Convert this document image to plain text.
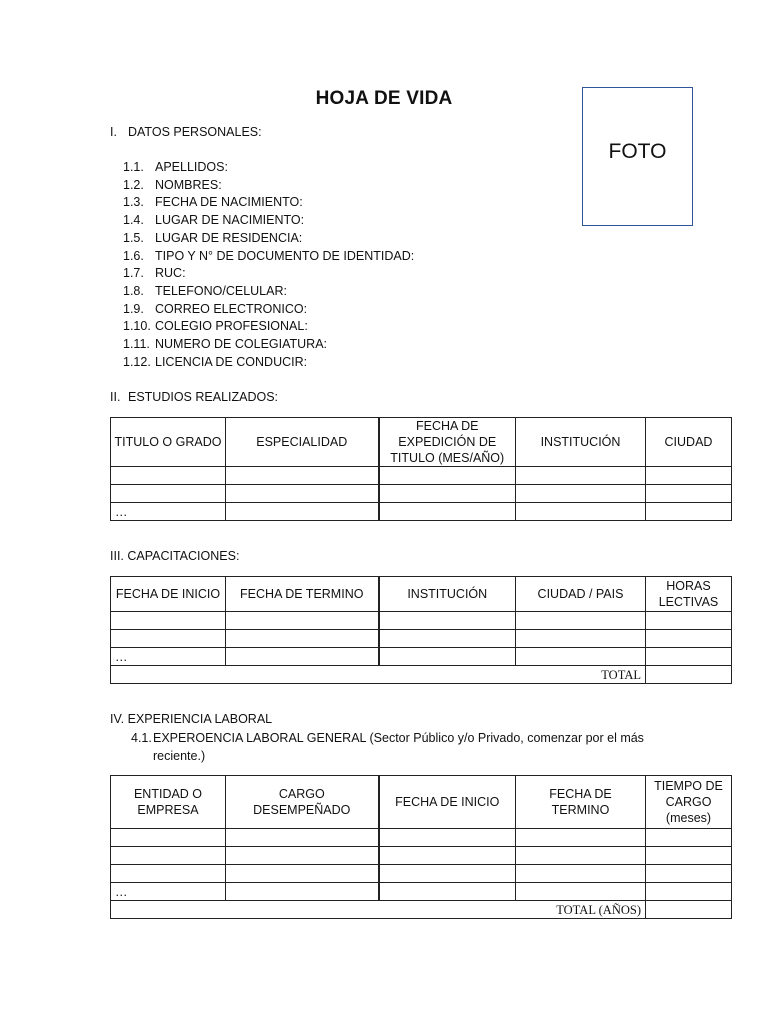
HOJA DE VIDA
FOTO
I. DATOS PERSONALES:
1.1. APELLIDOS:
1.2. NOMBRES:
1.3. FECHA DE NACIMIENTO:
1.4. LUGAR DE NACIMIENTO:
1.5. LUGAR DE RESIDENCIA:
1.6. TIPO Y N° DE DOCUMENTO DE IDENTIDAD:
1.7. RUC:
1.8. TELEFONO/CELULAR:
1.9. CORREO ELECTRONICO:
1.10. COLEGIO PROFESIONAL:
1.11. NUMERO DE COLEGIATURA:
1.12. LICENCIA DE CONDUCIR:
II. ESTUDIOS REALIZADOS:
TITULO O GRADO	ESPECIALIDAD	FECHA DE EXPEDICIÓN DE TITULO (MES/AÑO)	INSTITUCIÓN	CIUDAD

…				
III. CAPACITACIONES:
FECHA DE INICIO	FECHA DE TERMINO	INSTITUCIÓN	CIUDAD / PAIS	HORAS LECTIVAS

…				
TOTAL				
IV. EXPERIENCIA LABORAL
4.1. EXPEROENCIA LABORAL GENERAL (Sector Público y/o Privado, comenzar por el más reciente.)
ENTIDAD O EMPRESA	CARGO DESEMPEÑADO	FECHA DE INICIO	FECHA DE TERMINO	TIEMPO DE CARGO (meses)

…				
TOTAL (AÑOS)				
